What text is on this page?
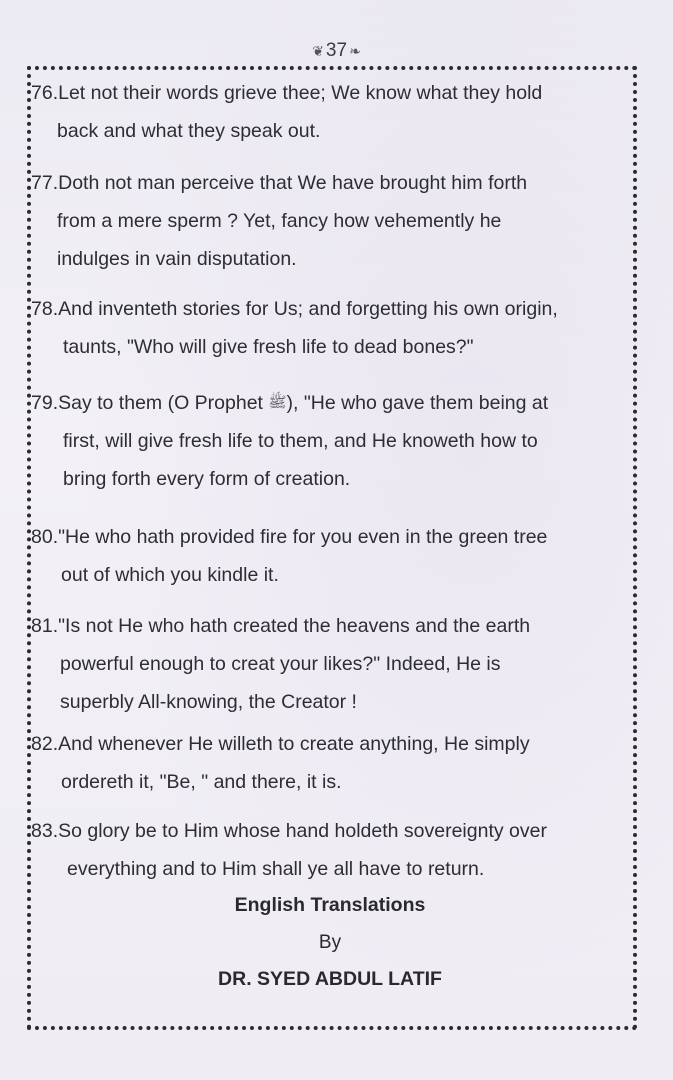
❦ 37 ❧
76.Let not their words grieve thee; We know what they hold
back and what they speak out.
77.Doth not man perceive that We have brought him forth
from a mere sperm ? Yet, fancy how vehemently he
indulges in vain disputation.
78.And inventeth stories for Us; and forgetting his own origin,
taunts, "Who will give fresh life to dead bones?"
79.Say to them (O Prophet ﷺ), "He who gave them being at
first, will give fresh life to them, and He knoweth how to
bring forth every form of creation.
80."He who hath provided fire for you even in the green tree
out of which you kindle it.
81."Is not He who hath created the heavens and the earth
powerful enough to creat your likes?" Indeed, He is
superbly All-knowing, the Creator !
82.And whenever He willeth to create anything, He simply
ordereth it, "Be, " and there, it is.
83.So glory be to Him whose hand holdeth sovereignty over
everything and to Him shall ye all have to return.
English Translations
By
DR. SYED ABDUL LATIF
